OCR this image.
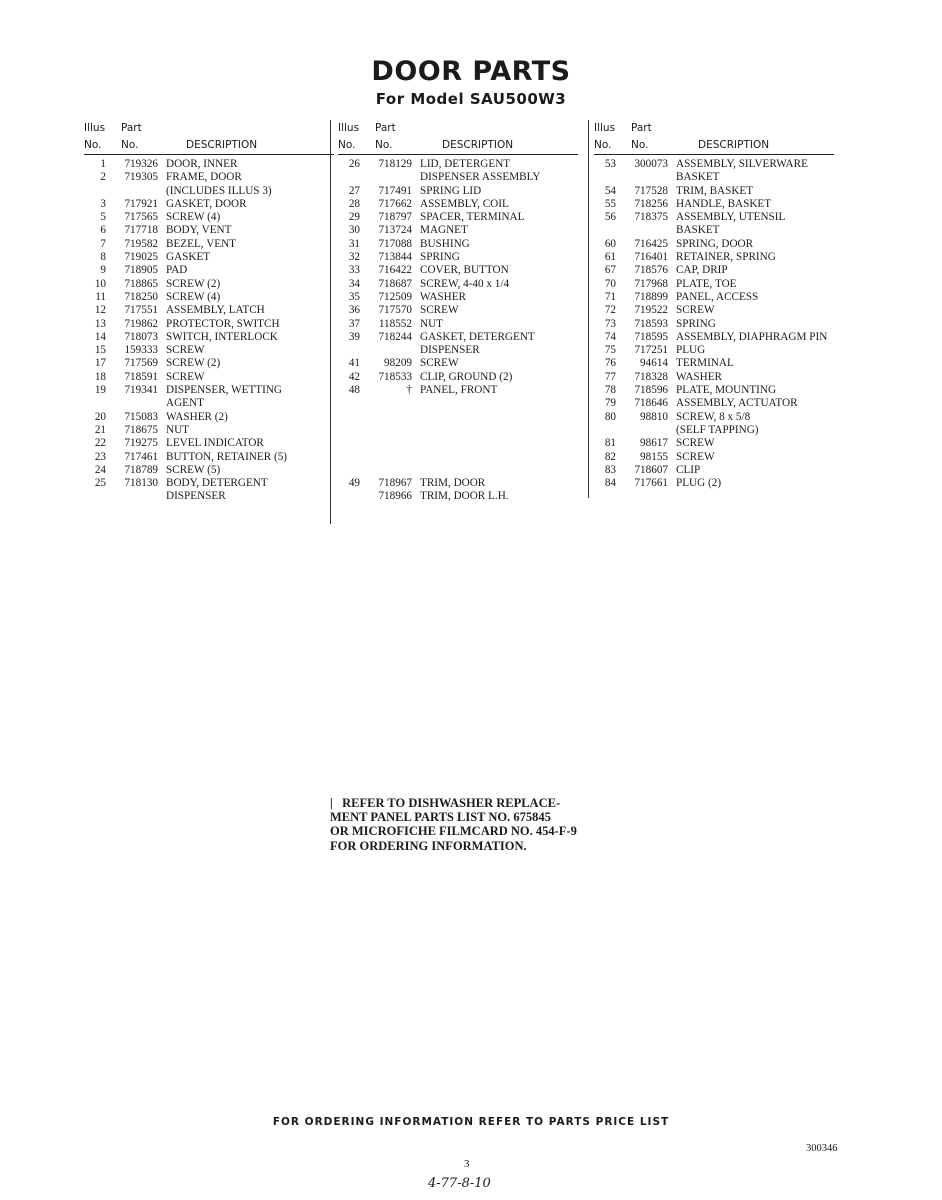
DOOR PARTS
For Model SAU500W3
Illus Part
No. No.	DESCRIPTION
1	719326 DOOR, INNER
2	719305 FRAME, DOOR
(INCLUDES ILLUS 3)
3	717921 GASKET, DOOR
5	717565 SCREW (4)
6	717718 BODY, VENT
7	719582 BEZEL, VENT
8	719025 GASKET
9	718905 PAD
10	718865 SCREW (2)
11	718250 SCREW (4)
12	717551 ASSEMBLY, LATCH
13	719862 PROTECTOR, SWITCH
14	718073 SWITCH, INTERLOCK
15	159333 SCREW
17	717569 SCREW (2)
18	718591 SCREW
19	719341 DISPENSER, WETTING
AGENT
20	715083 WASHER (2)
21	718675 NUT
22	719275 LEVEL INDICATOR
23	717461 BUTTON, RETAINER (5)
24	718789 SCREW (5)
25	718130 BODY, DETERGENT
DISPENSER
Illus Part
No. No.	DESCRIPTION
26	718129 LID, DETERGENT
DISPENSER ASSEMBLY
27	717491 SPRING LID
28	717662 ASSEMBLY, COIL
29	718797 SPACER, TERMINAL
30	713724 MAGNET
31	717088 BUSHING
32	713844 SPRING
33	716422 COVER, BUTTON
34	718687 SCREW, 4-40 x 1/4
35	712509 WASHER
36	717570 SCREW
37	118552 NUT
39	718244 GASKET, DETERGENT
DISPENSER
41	98209 SCREW
42	718533 CLIP, GROUND (2)
48	† PANEL, FRONT
49	718967 TRIM, DOOR
718966 TRIM, DOOR L.H.
Illus Part
No. No.	DESCRIPTION
53	300073 ASSEMBLY, SILVERWARE
BASKET
54	717528 TRIM, BASKET
55	718256 HANDLE, BASKET
56	718375 ASSEMBLY, UTENSIL
BASKET
60	716425 SPRING, DOOR
61	716401 RETAINER, SPRING
67	718576 CAP, DRIP
70	717968 PLATE, TOE
71	718899 PANEL, ACCESS
72	719522 SCREW
73	718593 SPRING
74	718595 ASSEMBLY, DIAPHRAGM PIN
75	717251 PLUG
76	94614 TERMINAL
77	718328 WASHER
78	718596 PLATE, MOUNTING
79	718646 ASSEMBLY, ACTUATOR
80	98810 SCREW, 8 x 5/8
(SELF TAPPING)
81	98617 SCREW
82	98155 SCREW
83	718607 CLIP
84	717661 PLUG (2)
|   REFER TO DISHWASHER REPLACE-
MENT PANEL PARTS LIST NO. 675845
OR MICROFICHE FILMCARD NO. 454-F-9
FOR ORDERING INFORMATION.
FOR ORDERING INFORMATION REFER TO PARTS PRICE LIST
300346
3
4-77-8-10
